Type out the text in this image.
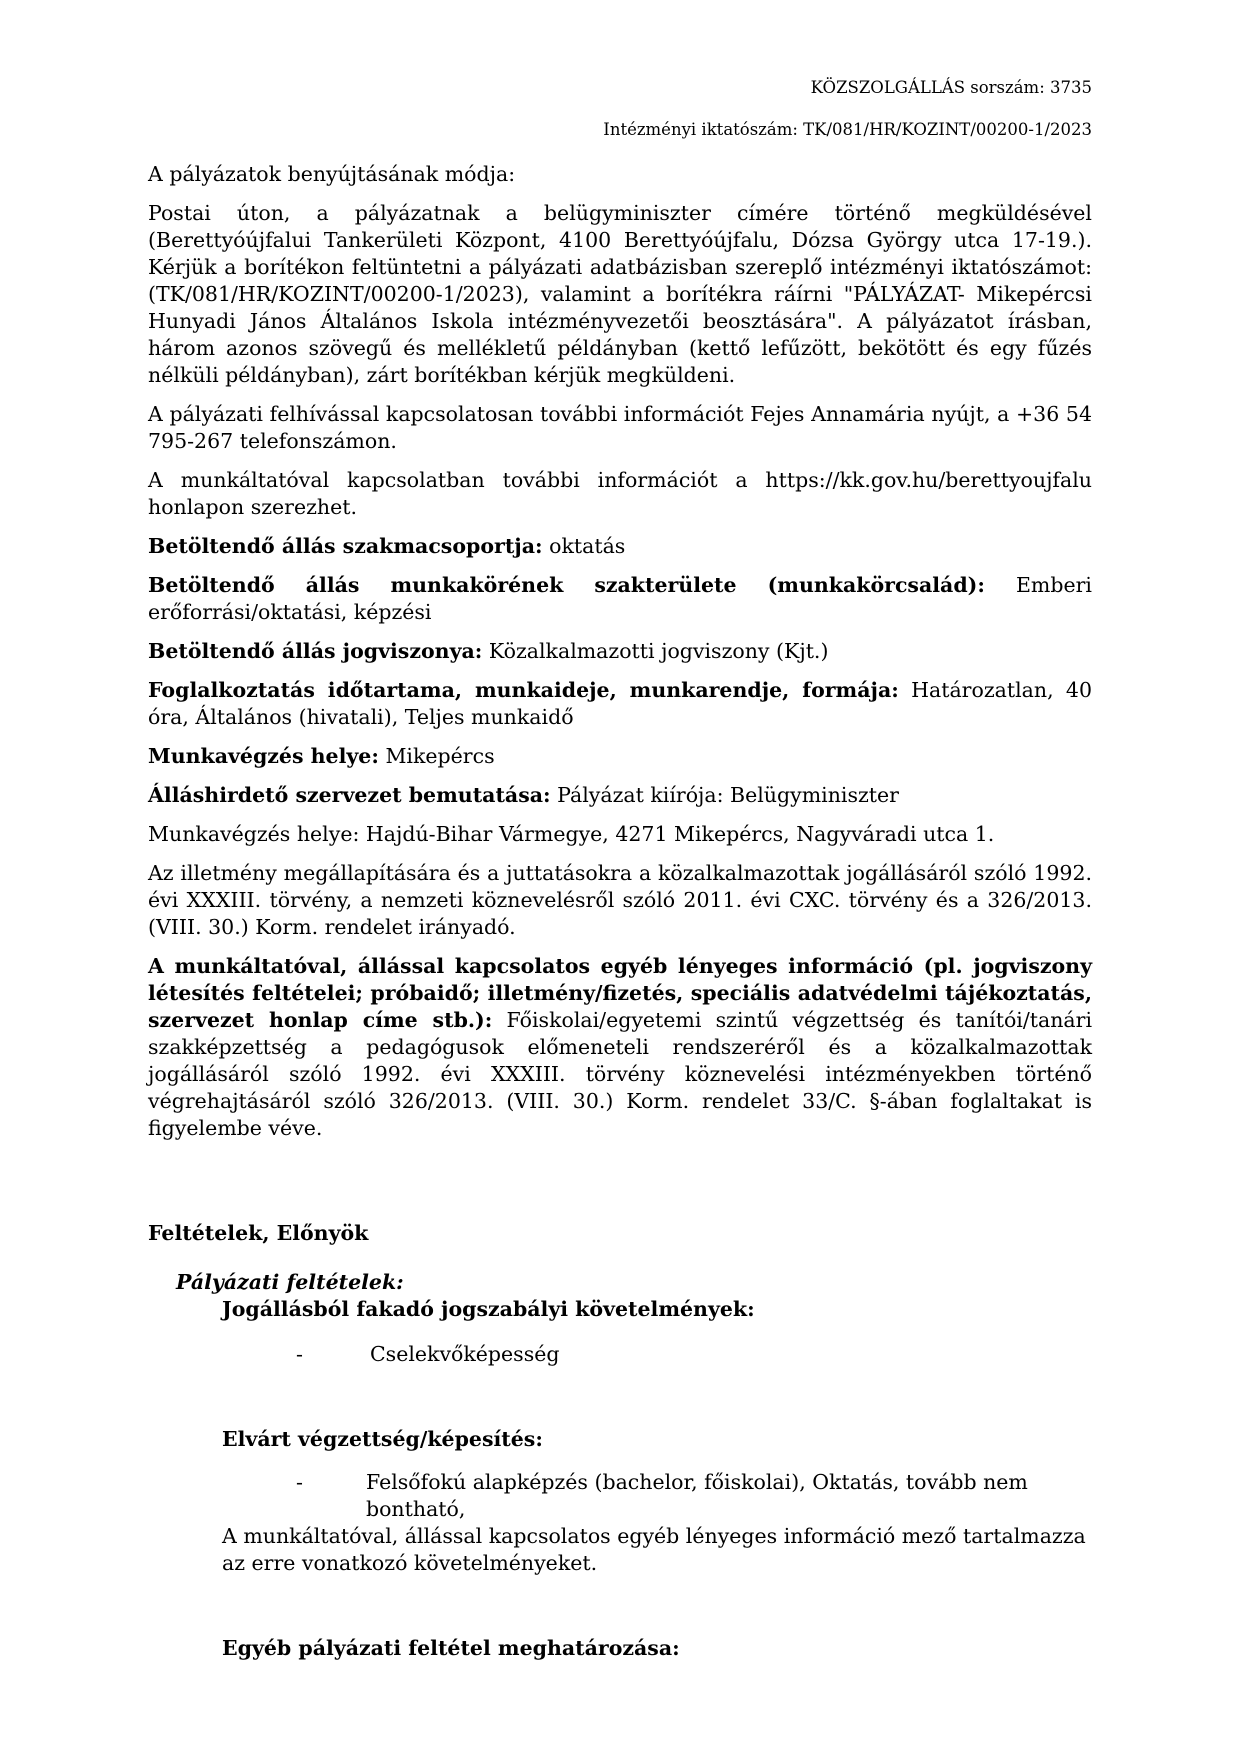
KÖZSZOLGÁLLÁS sorszám: 3735
Intézményi iktatószám: TK/081/HR/KOZINT/00200-1/2023

A pályázatok benyújtásának módja:

Postai úton, a pályázatnak a belügyminiszter címére történő megküldésével (Berettyóújfalui Tankerületi Központ, 4100 Berettyóújfalu, Dózsa György utca 17-19.). Kérjük a borítékon feltüntetni a pályázati adatbázisban szereplő intézményi iktatószámot: (TK/081/HR/KOZINT/00200-1/2023), valamint a borítékra ráírni "PÁLYÁZAT- Mikepércsi Hunyadi János Általános Iskola intézményvezetői beosztására". A pályázatot írásban, három azonos szövegű és mellékletű példányban (kettő lefűzött, bekötött és egy fűzés nélküli példányban), zárt borítékban kérjük megküldeni.

A pályázati felhívással kapcsolatosan további információt Fejes Annamária nyújt, a +36 54 795-267 telefonszámon.

A munkáltatóval kapcsolatban további információt a https://kk.gov.hu/berettyoujfalu honlapon szerezhet.

Betöltendő állás szakmacsoportja: oktatás

Betöltendő állás munkakörének szakterülete (munkakörcsalád): Emberi
erőforrási/oktatási, képzési

Betöltendő állás jogviszonya: Közalkalmazotti jogviszony (Kjt.)

Foglalkoztatás időtartama, munkaideje, munkarendje, formája: Határozatlan, 40 óra, Általános (hivatali), Teljes munkaidő

Munkavégzés helye: Mikepércs

Álláshirdető szervezet bemutatása: Pályázat kiírója: Belügyminiszter

Munkavégzés helye: Hajdú-Bihar Vármegye, 4271 Mikepércs, Nagyváradi utca 1.

Az illetmény megállapítására és a juttatásokra a közalkalmazottak jogállásáról szóló 1992. évi XXXIII. törvény, a nemzeti köznevelésről szóló 2011. évi CXC. törvény és a 326/2013. (VIII. 30.) Korm. rendelet irányadó.

A munkáltatóval, állással kapcsolatos egyéb lényeges információ (pl. jogviszony létesítés feltételei; próbaidő; illetmény/fizetés, speciális adatvédelmi tájékoztatás, szervezet honlap címe stb.): Főiskolai/egyetemi szintű végzettség és tanítói/tanári szakképzettség a pedagógusok előmeneteli rendszeréről és a közalkalmazottak jogállásáról szóló 1992. évi XXXIII. törvény köznevelési intézményekben történő végrehajtásáról szóló 326/2013. (VIII. 30.) Korm. rendelet 33/C. §-ában foglaltakat is figyelembe véve.

Feltételek, Előnyök
Pályázati feltételek:
Jogállásból fakadó jogszabályi követelmények:
-	Cselekvőképesség
Elvárt végzettség/képesítés:
-	Felsőfokú alapképzés (bachelor, főiskolai), Oktatás, tovább nem bontható,
A munkáltatóval, állással kapcsolatos egyéb lényeges információ mező tartalmazza az erre vonatkozó követelményeket.
Egyéb pályázati feltétel meghatározása:
